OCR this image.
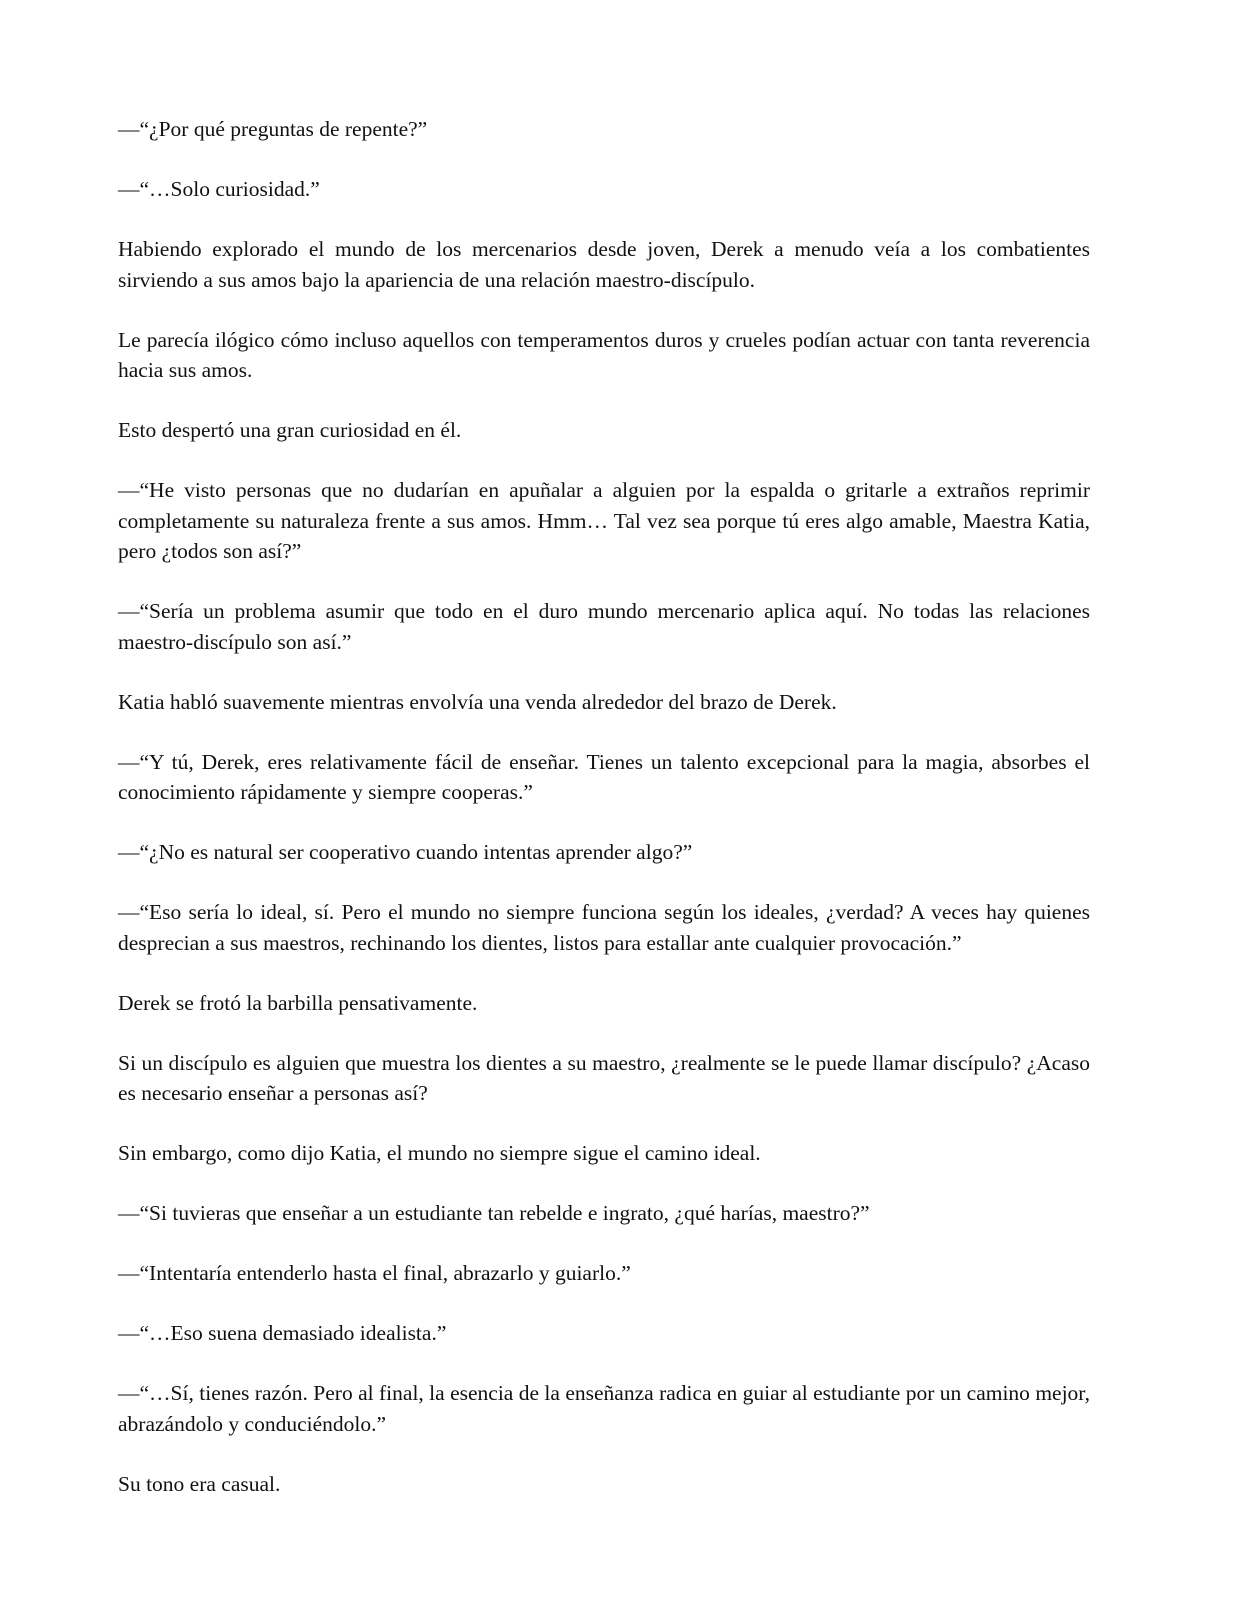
—“¿Por qué preguntas de repente?”

—“…Solo curiosidad.”

Habiendo explorado el mundo de los mercenarios desde joven, Derek a menudo veía a los combatientes sirviendo a sus amos bajo la apariencia de una relación maestro-discípulo.

Le parecía ilógico cómo incluso aquellos con temperamentos duros y crueles podían actuar con tanta reverencia hacia sus amos.

Esto despertó una gran curiosidad en él.

—“He visto personas que no dudarían en apuñalar a alguien por la espalda o gritarle a extraños reprimir completamente su naturaleza frente a sus amos. Hmm… Tal vez sea porque tú eres algo amable, Maestra Katia, pero ¿todos son así?”

—“Sería un problema asumir que todo en el duro mundo mercenario aplica aquí. No todas las relaciones maestro-discípulo son así.”

Katia habló suavemente mientras envolvía una venda alrededor del brazo de Derek.

—“Y tú, Derek, eres relativamente fácil de enseñar. Tienes un talento excepcional para la magia, absorbes el conocimiento rápidamente y siempre cooperas.”

—“¿No es natural ser cooperativo cuando intentas aprender algo?”

—“Eso sería lo ideal, sí. Pero el mundo no siempre funciona según los ideales, ¿verdad? A veces hay quienes desprecian a sus maestros, rechinando los dientes, listos para estallar ante cualquier provocación.”

Derek se frotó la barbilla pensativamente.

Si un discípulo es alguien que muestra los dientes a su maestro, ¿realmente se le puede llamar discípulo? ¿Acaso es necesario enseñar a personas así?

Sin embargo, como dijo Katia, el mundo no siempre sigue el camino ideal.

—“Si tuvieras que enseñar a un estudiante tan rebelde e ingrato, ¿qué harías, maestro?”

—“Intentaría entenderlo hasta el final, abrazarlo y guiarlo.”

—“…Eso suena demasiado idealista.”

—“…Sí, tienes razón. Pero al final, la esencia de la enseñanza radica en guiar al estudiante por un camino mejor, abrazándolo y conduciéndolo.”

Su tono era casual.
